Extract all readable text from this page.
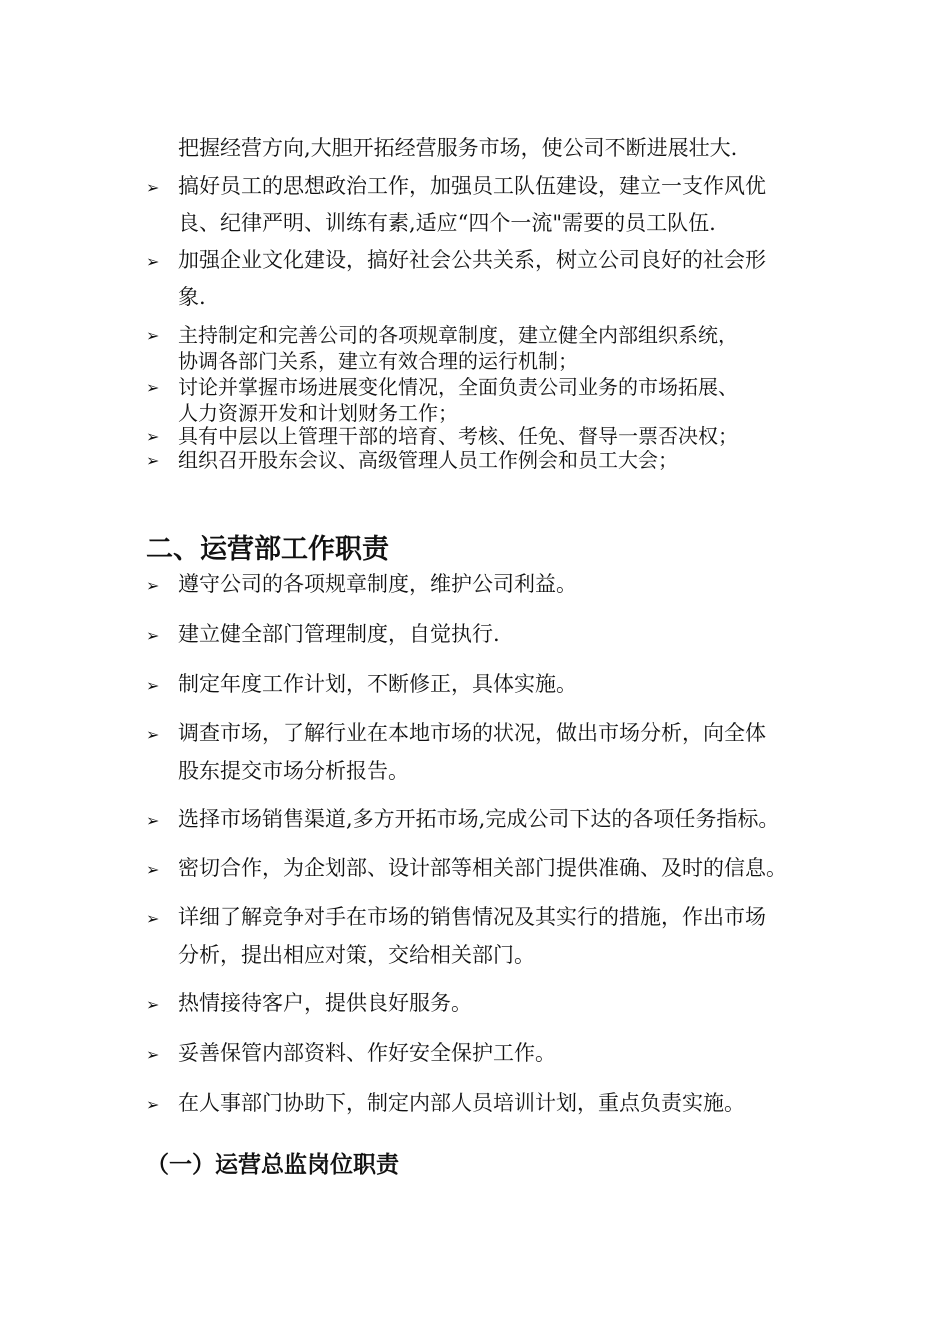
把握经营方向,大胆开拓经营服务市场，使公司不断进展壮大.
➢ 搞好员工的思想政治工作，加强员工队伍建设，建立一支作风优
良、纪律严明、训练有素,适应“四个一流"需要的员工队伍.
➢ 加强企业文化建设，搞好社会公共关系，树立公司良好的社会形
象.
➢ 主持制定和完善公司的各项规章制度，建立健全内部组织系统，
协调各部门关系，建立有效合理的运行机制；
➢ 讨论并掌握市场进展变化情况，全面负责公司业务的市场拓展、
人力资源开发和计划财务工作；
➢ 具有中层以上管理干部的培育、考核、任免、督导一票否决权；
➢ 组织召开股东会议、高级管理人员工作例会和员工大会；
二、运营部工作职责
➢ 遵守公司的各项规章制度，维护公司利益。
➢ 建立健全部门管理制度，自觉执行.
➢ 制定年度工作计划，不断修正，具体实施。
➢ 调查市场，了解行业在本地市场的状况，做出市场分析，向全体
股东提交市场分析报告。
➢ 选择市场销售渠道,多方开拓市场,完成公司下达的各项任务指标。
➢ 密切合作，为企划部、设计部等相关部门提供准确、及时的信息。
➢ 详细了解竞争对手在市场的销售情况及其实行的措施，作出市场
分析，提出相应对策，交给相关部门。
➢ 热情接待客户，提供良好服务。
➢ 妥善保管内部资料、作好安全保护工作。
➢ 在人事部门协助下，制定内部人员培训计划，重点负责实施。
（一）运营总监岗位职责
